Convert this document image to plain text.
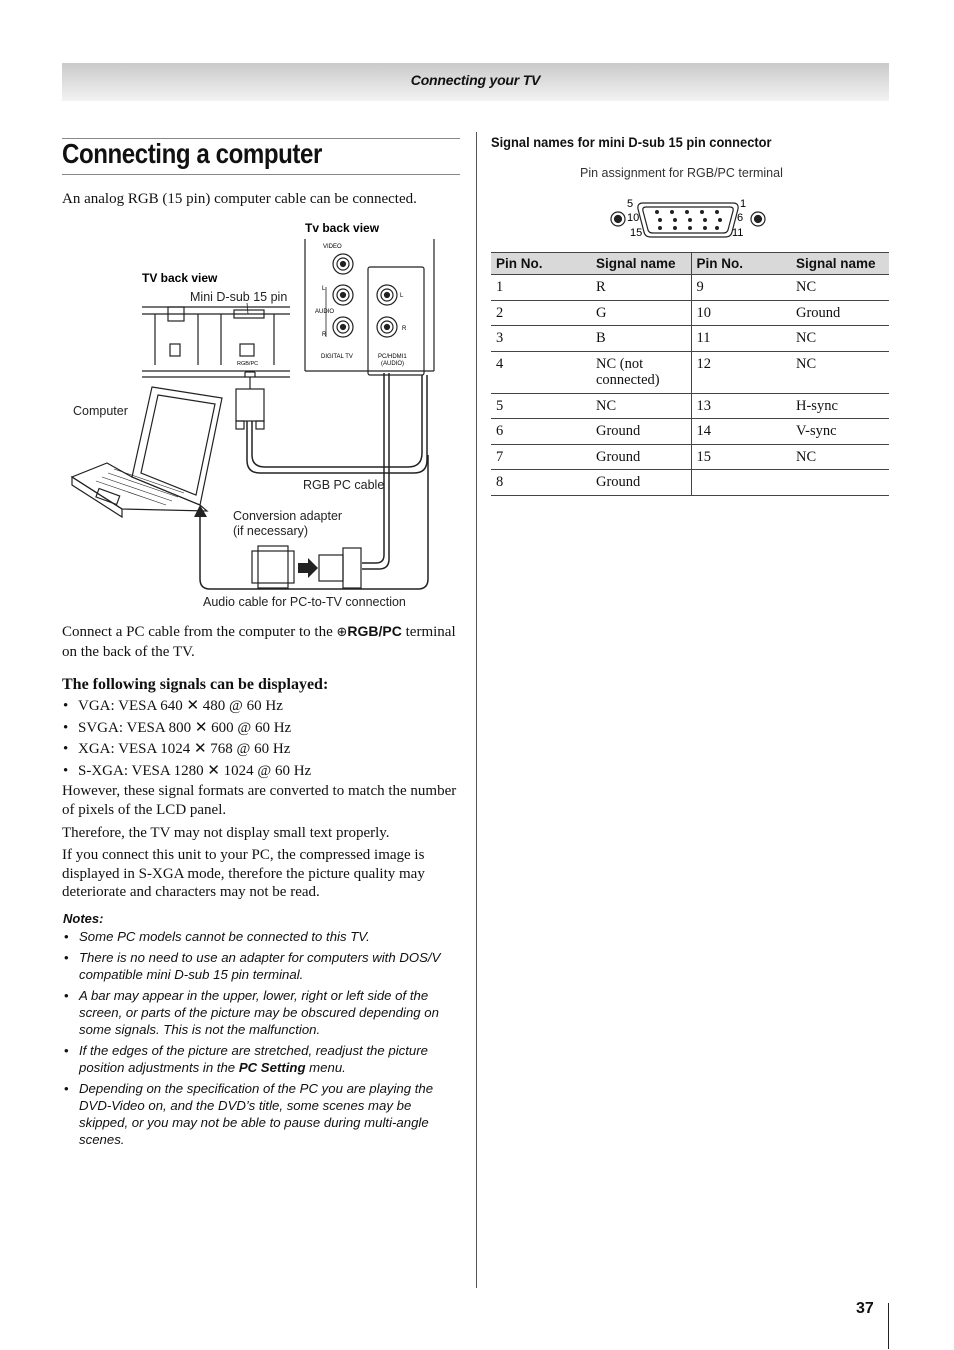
Connecting your TV
Connecting a computer
An analog RGB (15 pin) computer cable can be connected.
Tv back view
VIDEO
L
AUDIO
R
DIGITAL TV
L
R
PC/HDMI1
(AUDIO)
TV back view
Mini D-sub 15 pin
RGB/PC
Computer
RGB PC cable
Conversion adapter
(if necessary)
Audio cable for PC-to-TV connection
Connect a PC cable from the computer to the ⊕RGB/PC terminal on the back of the TV.
The following signals can be displayed:
• VGA: VESA 640 ✕ 480 @ 60 Hz
• SVGA: VESA 800 ✕ 600 @ 60 Hz
• XGA: VESA 1024 ✕ 768 @ 60 Hz
• S-XGA: VESA 1280 ✕ 1024 @ 60 Hz
However, these signal formats are converted to match the number of pixels of the LCD panel.
Therefore, the TV may not display small text properly.
If you connect this unit to your PC, the compressed image is displayed in S-XGA mode, therefore the picture quality may deteriorate and characters may not be read.
Notes:
• Some PC models cannot be connected to this TV.
• There is no need to use an adapter for computers with DOS/V compatible mini D-sub 15 pin terminal.
• A bar may appear in the upper, lower, right or left side of the screen, or parts of the picture may be obscured depending on some signals. This is not the malfunction.
• If the edges of the picture are stretched, readjust the picture position adjustments in the PC Setting menu.
• Depending on the specification of the PC you are playing the DVD-Video on, and the DVD’s title, some scenes may be skipped, or you may not be able to pause during multi-angle scenes.
Signal names for mini D-sub 15 pin connector
Pin assignment for RGB/PC terminal
5
10
15
1
6
11
Pin No.	Signal name	Pin No.	Signal name
1	R	9	NC
2	G	10	Ground
3	B	11	NC
4	NC (not connected)	12	NC
5	NC	13	H-sync
6	Ground	14	V-sync
7	Ground	15	NC
8	Ground		
37
